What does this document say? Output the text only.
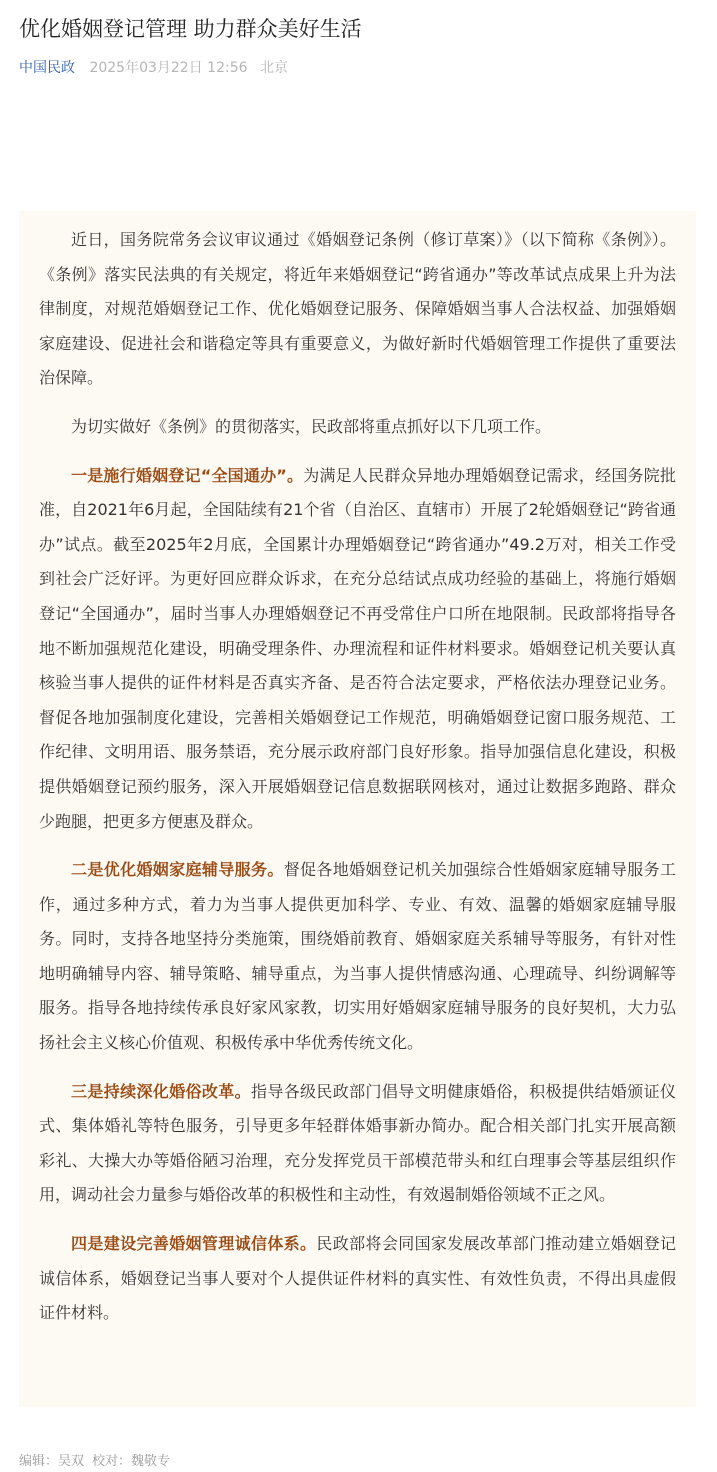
优化婚姻登记管理 助力群众美好生活
中国民政 2025年03月22日 12:56 北京

近日，国务院常务会议审议通过《婚姻登记条例（修订草案）》（以下简称《条例》）。《条例》落实民法典的有关规定，将近年来婚姻登记“跨省通办”等改革试点成果上升为法律制度，对规范婚姻登记工作、优化婚姻登记服务、保障婚姻当事人合法权益、加强婚姻家庭建设、促进社会和谐稳定等具有重要意义，为做好新时代婚姻管理工作提供了重要法治保障。

为切实做好《条例》的贯彻落实，民政部将重点抓好以下几项工作。

一是施行婚姻登记“全国通办”。为满足人民群众异地办理婚姻登记需求，经国务院批准，自2021年6月起，全国陆续有21个省（自治区、直辖市）开展了2轮婚姻登记“跨省通办”试点。截至2025年2月底，全国累计办理婚姻登记“跨省通办”49.2万对，相关工作受到社会广泛好评。为更好回应群众诉求，在充分总结试点成功经验的基础上，将施行婚姻登记“全国通办”，届时当事人办理婚姻登记不再受常住户口所在地限制。民政部将指导各地不断加强规范化建设，明确受理条件、办理流程和证件材料要求。婚姻登记机关要认真核验当事人提供的证件材料是否真实齐备、是否符合法定要求，严格依法办理登记业务。督促各地加强制度化建设，完善相关婚姻登记工作规范，明确婚姻登记窗口服务规范、工作纪律、文明用语、服务禁语，充分展示政府部门良好形象。指导加强信息化建设，积极提供婚姻登记预约服务，深入开展婚姻登记信息数据联网核对，通过让数据多跑路、群众少跑腿，把更多方便惠及群众。

二是优化婚姻家庭辅导服务。督促各地婚姻登记机关加强综合性婚姻家庭辅导服务工作，通过多种方式，着力为当事人提供更加科学、专业、有效、温馨的婚姻家庭辅导服务。同时，支持各地坚持分类施策，围绕婚前教育、婚姻家庭关系辅导等服务，有针对性地明确辅导内容、辅导策略、辅导重点，为当事人提供情感沟通、心理疏导、纠纷调解等服务。指导各地持续传承良好家风家教，切实用好婚姻家庭辅导服务的良好契机，大力弘扬社会主义核心价值观、积极传承中华优秀传统文化。

三是持续深化婚俗改革。指导各级民政部门倡导文明健康婚俗，积极提供结婚颁证仪式、集体婚礼等特色服务，引导更多年轻群体婚事新办简办。配合相关部门扎实开展高额彩礼、大操大办等婚俗陋习治理，充分发挥党员干部模范带头和红白理事会等基层组织作用，调动社会力量参与婚俗改革的积极性和主动性，有效遏制婚俗领域不正之风。

四是建设完善婚姻管理诚信体系。民政部将会同国家发展改革部门推动建立婚姻登记诚信体系，婚姻登记当事人要对个人提供证件材料的真实性、有效性负责，不得出具虚假证件材料。

编辑：吴双 校对：魏敬专
